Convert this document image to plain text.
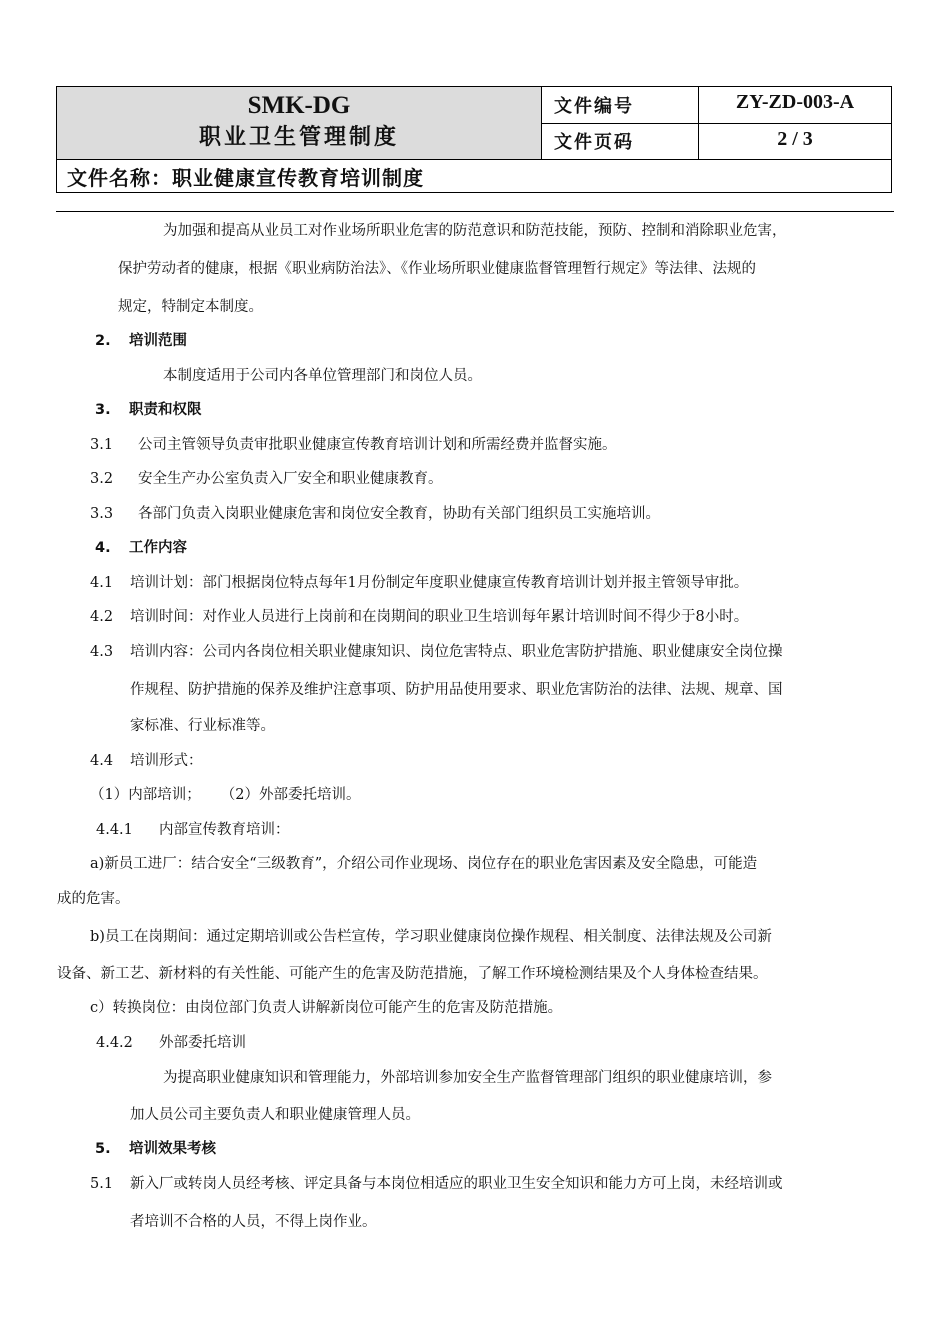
SMK-DG
职业卫生管理制度	文件编号	ZY-ZD-003-A
	文件页码	2 / 3
文件名称：职业健康宣传教育培训制度		
为加强和提高从业员工对作业场所职业危害的防范意识和防范技能，预防、控制和消除职业危害，
保护劳动者的健康，根据《职业病防治法》、《作业场所职业健康监督管理暂行规定》等法律、法规的
规定，特制定本制度。
2. 培训范围
本制度适用于公司内各单位管理部门和岗位人员。
3. 职责和权限
3.1 公司主管领导负责审批职业健康宣传教育培训计划和所需经费并监督实施。
3.2 安全生产办公室负责入厂安全和职业健康教育。
3.3 各部门负责入岗职业健康危害和岗位安全教育，协助有关部门组织员工实施培训。
4. 工作内容
4.1 培训计划：部门根据岗位特点每年1月份制定年度职业健康宣传教育培训计划并报主管领导审批。
4.2 培训时间：对作业人员进行上岗前和在岗期间的职业卫生培训每年累计培训时间不得少于8小时。
4.3 培训内容：公司内各岗位相关职业健康知识、岗位危害特点、职业危害防护措施、职业健康安全岗位操
作规程、防护措施的保养及维护注意事项、防护用品使用要求、职业危害防治的法律、法规、规章、国
家标准、行业标准等。
4.4 培训形式：
（1）内部培训； （2）外部委托培训。
4.4.1 内部宣传教育培训：
a)新员工进厂：结合安全“三级教育”，介绍公司作业现场、岗位存在的职业危害因素及安全隐患，可能造
成的危害。
b)员工在岗期间：通过定期培训或公告栏宣传，学习职业健康岗位操作规程、相关制度、法律法规及公司新
设备、新工艺、新材料的有关性能、可能产生的危害及防范措施，了解工作环境检测结果及个人身体检查结果。
c）转换岗位：由岗位部门负责人讲解新岗位可能产生的危害及防范措施。
4.4.2 外部委托培训
为提高职业健康知识和管理能力，外部培训参加安全生产监督管理部门组织的职业健康培训，参
加人员公司主要负责人和职业健康管理人员。
5. 培训效果考核
5.1 新入厂或转岗人员经考核、评定具备与本岗位相适应的职业卫生安全知识和能力方可上岗，未经培训或
者培训不合格的人员，不得上岗作业。
